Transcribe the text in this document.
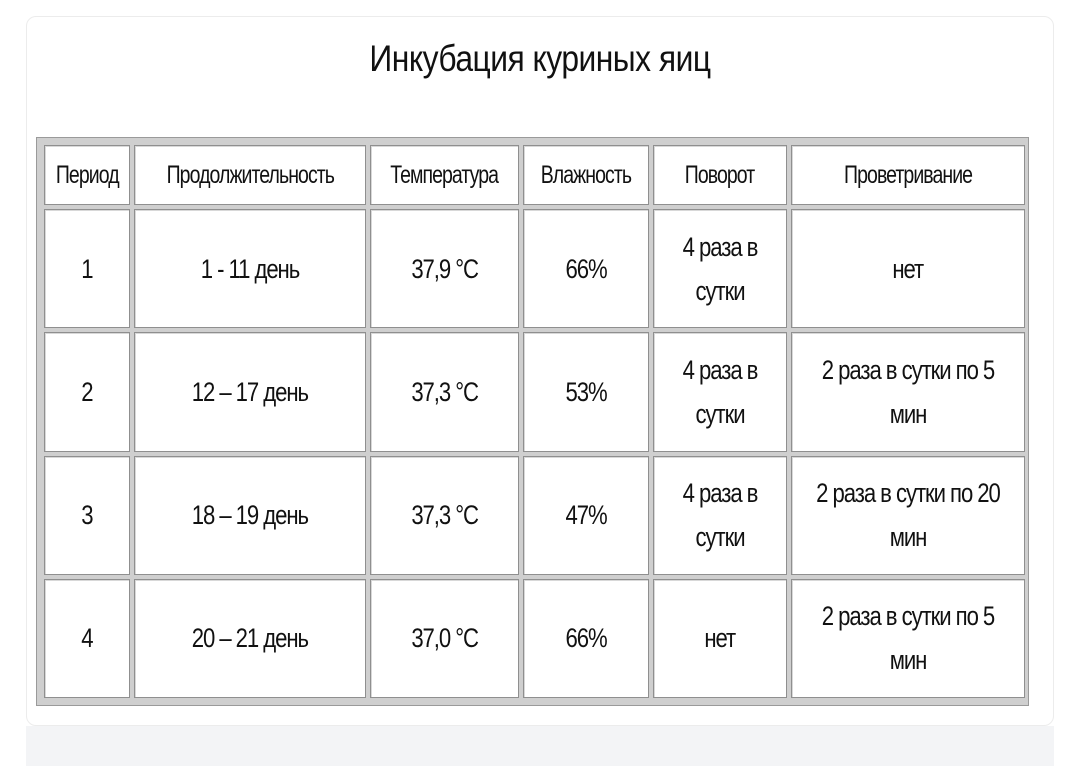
Инкубация куриных яиц
Период	Продолжительность	Температура	Влажность	Поворот	Проветривание
1	1 - 11 день	37,9 °С	66%	4 раза в сутки	нет
2	12 – 17 день	37,3 °С	53%	4 раза в сутки	2 раза в сутки по 5 мин
3	18 – 19 день	37,3 °С	47%	4 раза в сутки	2 раза в сутки по 20 мин
4	20 – 21 день	37,0 °С	66%	нет	2 раза в сутки по 5 мин
